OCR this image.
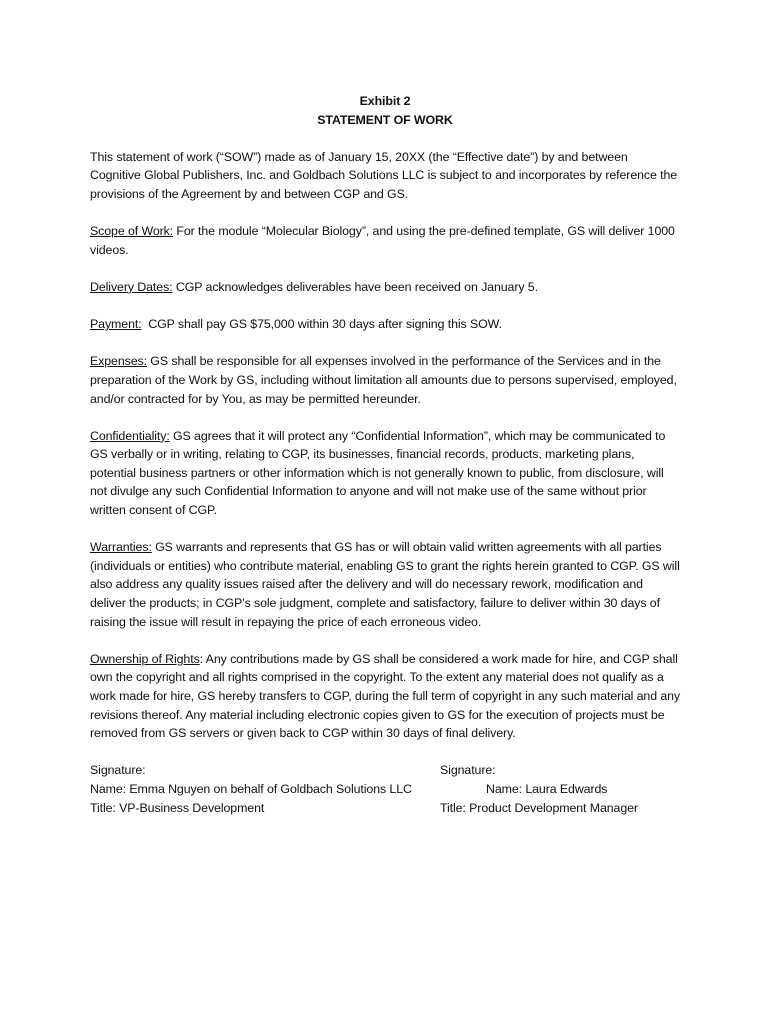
Exhibit 2
STATEMENT OF WORK

This statement of work (“SOW”) made as of January 15, 20XX (the “Effective date”) by and between Cognitive Global Publishers, Inc. and Goldbach Solutions LLC is subject to and incorporates by reference the provisions of the Agreement by and between CGP and GS.

Scope of Work: For the module “Molecular Biology”, and using the pre-defined template, GS will deliver 1000 videos.

Delivery Dates: CGP acknowledges deliverables have been received on January 5.

Payment:  CGP shall pay GS $75,000 within 30 days after signing this SOW.

Expenses: GS shall be responsible for all expenses involved in the performance of the Services and in the preparation of the Work by GS, including without limitation all amounts due to persons supervised, employed, and/or contracted for by You, as may be permitted hereunder.

Confidentiality: GS agrees that it will protect any “Confidential Information”, which may be communicated to GS verbally or in writing, relating to CGP, its businesses, financial records, products, marketing plans, potential business partners or other information which is not generally known to public, from disclosure, will not divulge any such Confidential Information to anyone and will not make use of the same without prior written consent of CGP.

Warranties: GS warrants and represents that GS has or will obtain valid written agreements with all parties (individuals or entities) who contribute material, enabling GS to grant the rights herein granted to CGP. GS will also address any quality issues raised after the delivery and will do necessary rework, modification and deliver the products; in CGP’s sole judgment, complete and satisfactory, failure to deliver within 30 days of raising the issue will result in repaying the price of each erroneous video.

Ownership of Rights: Any contributions made by GS shall be considered a work made for hire, and CGP shall own the copyright and all rights comprised in the copyright. To the extent any material does not qualify as a work made for hire, GS hereby transfers to CGP, during the full term of copyright in any such material and any revisions thereof. Any material including electronic copies given to GS for the execution of projects must be removed from GS servers or given back to CGP within 30 days of final delivery.

Signature:
Name: Emma Nguyen on behalf of Goldbach Solutions LLC
Title: VP-Business Development
Signature:
Name: Laura Edwards
Title: Product Development Manager
